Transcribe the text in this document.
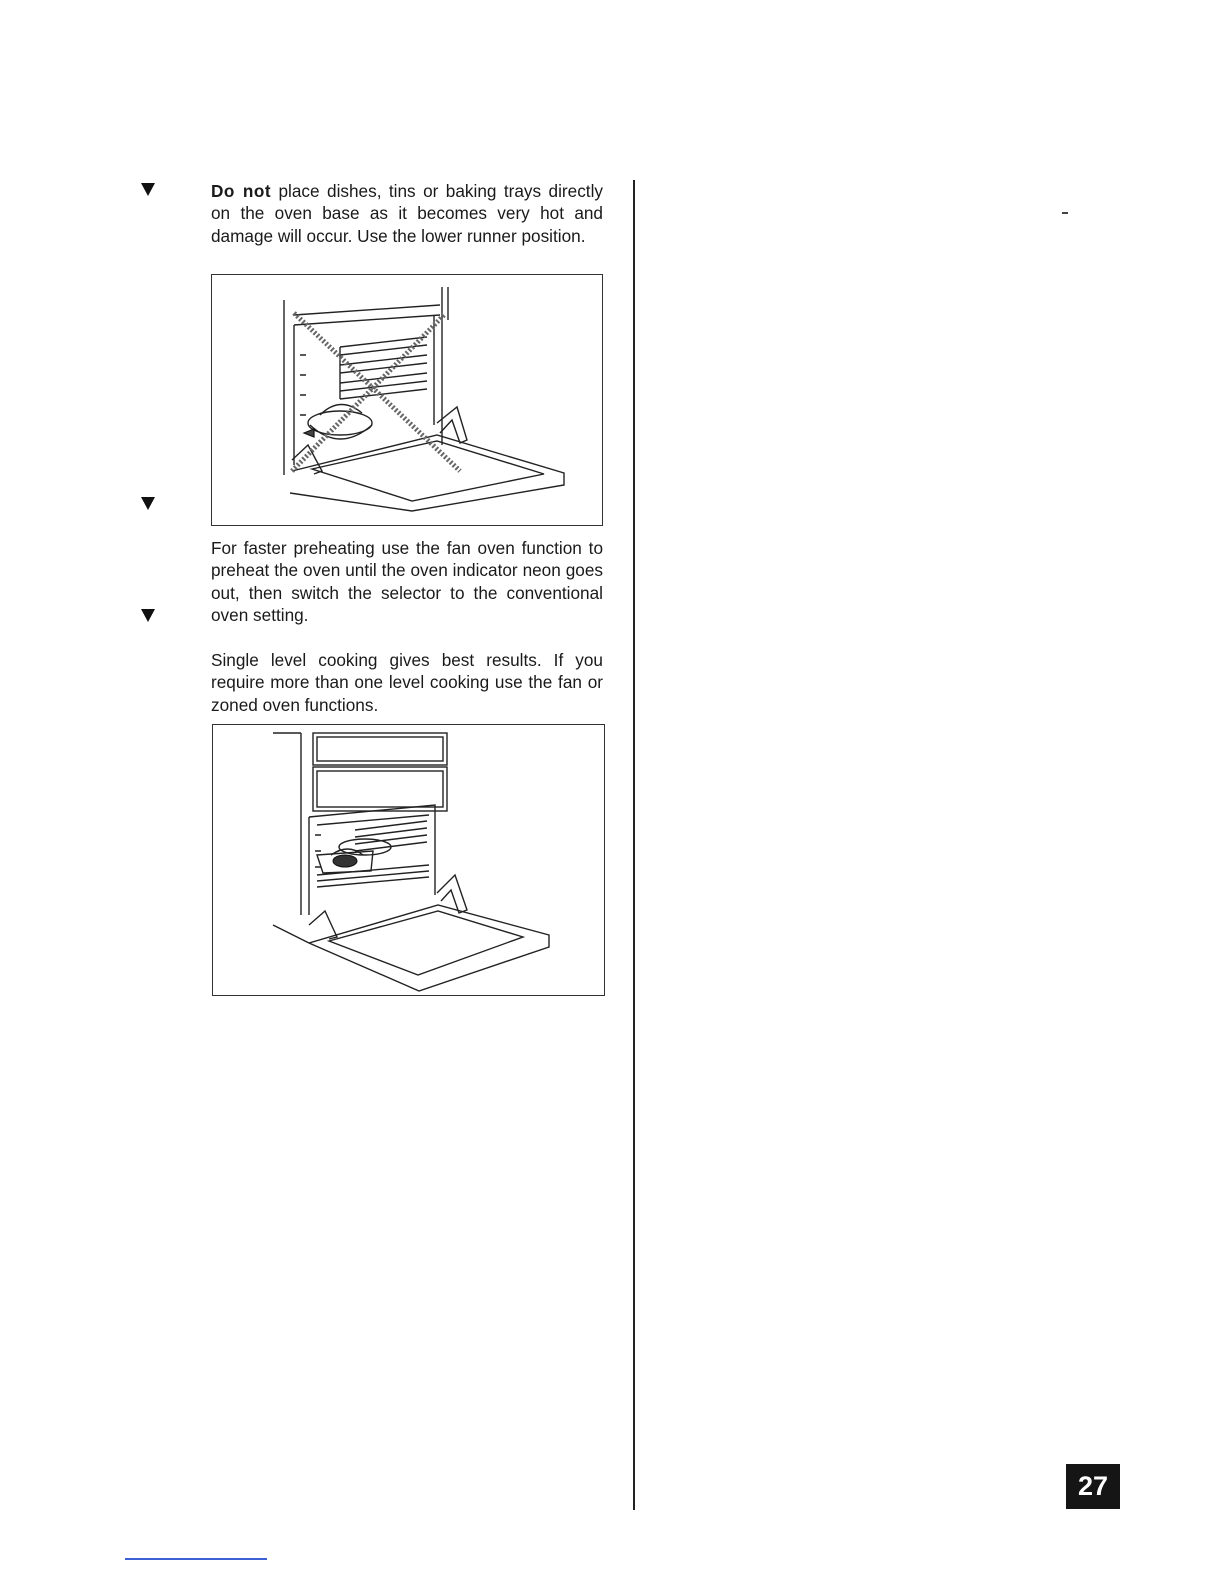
Do not place dishes, tins or baking trays directly on the oven base as it becomes very hot and damage will occur. Use the lower runner position.

For faster preheating use the fan oven function to preheat the oven until the oven indicator neon goes out, then switch the selector to the conventional oven setting.

Single level cooking gives best results. If you require more than one level cooking use the fan or zoned oven functions.

27
